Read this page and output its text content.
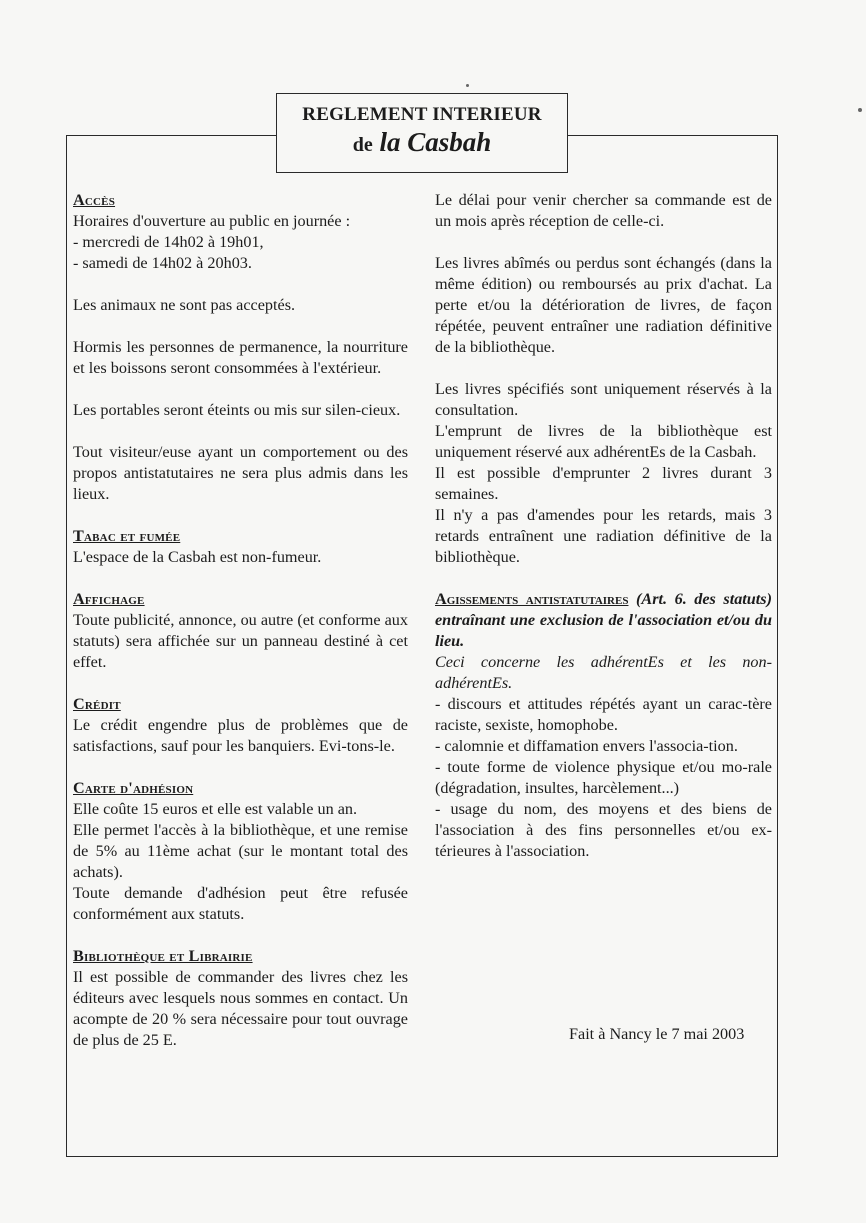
REGLEMENT INTERIEUR
de la Casbah
Accès

Horaires d'ouverture au public en journée :
- mercredi de 14h02 à 19h01,
- samedi de 14h02 à 20h03.

Les animaux ne sont pas acceptés.

Hormis les personnes de permanence, la nourriture et les boissons seront consommées à l'extérieur.

Les portables seront éteints ou mis sur silen-cieux.

Tout visiteur/euse ayant un comportement ou des propos antistatutaires ne sera plus admis dans les lieux.

Tabac et fumée

L'espace de la Casbah est non-fumeur.

Affichage

Toute publicité, annonce, ou autre (et conforme aux statuts) sera affichée sur un panneau destiné à cet effet.

Crédit

Le crédit engendre plus de problèmes que de satisfactions, sauf pour les banquiers. Evi-tons-le.

Carte d'adhésion

Elle coûte 15 euros et elle est valable un an.

Elle permet l'accès à la bibliothèque, et une remise de 5% au 11ème achat (sur le montant total des achats).

Toute demande d'adhésion peut être refusée conformément aux statuts.

Bibliothèque et Librairie

Il est possible de commander des livres chez les éditeurs avec lesquels nous sommes en contact. Un acompte de 20 % sera nécessaire pour tout ouvrage de plus de 25 E.

Le délai pour venir chercher sa commande est de un mois après réception de celle-ci.

Les livres abîmés ou perdus sont échangés (dans la même édition) ou remboursés au prix d'achat. La perte et/ou la détérioration de livres, de façon répétée, peuvent entraîner une radiation définitive de la bibliothèque.

Les livres spécifiés sont uniquement réservés à la consultation.

L'emprunt de livres de la bibliothèque est uniquement réservé aux adhérentEs de la Casbah.

Il est possible d'emprunter 2 livres durant 3 semaines.

Il n'y a pas d'amendes pour les retards, mais 3 retards entraînent une radiation définitive de la bibliothèque.

Agissements antistatutaires (Art. 6. des statuts) entraînant une exclusion de l'association et/ou du lieu.

Ceci concerne les adhérentEs et les non-adhérentEs.

- discours et attitudes répétés ayant un carac-tère raciste, sexiste, homophobe.

- calomnie et diffamation envers l'associa-tion.

- toute forme de violence physique et/ou mo-rale (dégradation, insultes, harcèlement...)

- usage du nom, des moyens et des biens de l'association à des fins personnelles et/ou ex-térieures à l'association.

Fait à Nancy le 7 mai 2003
